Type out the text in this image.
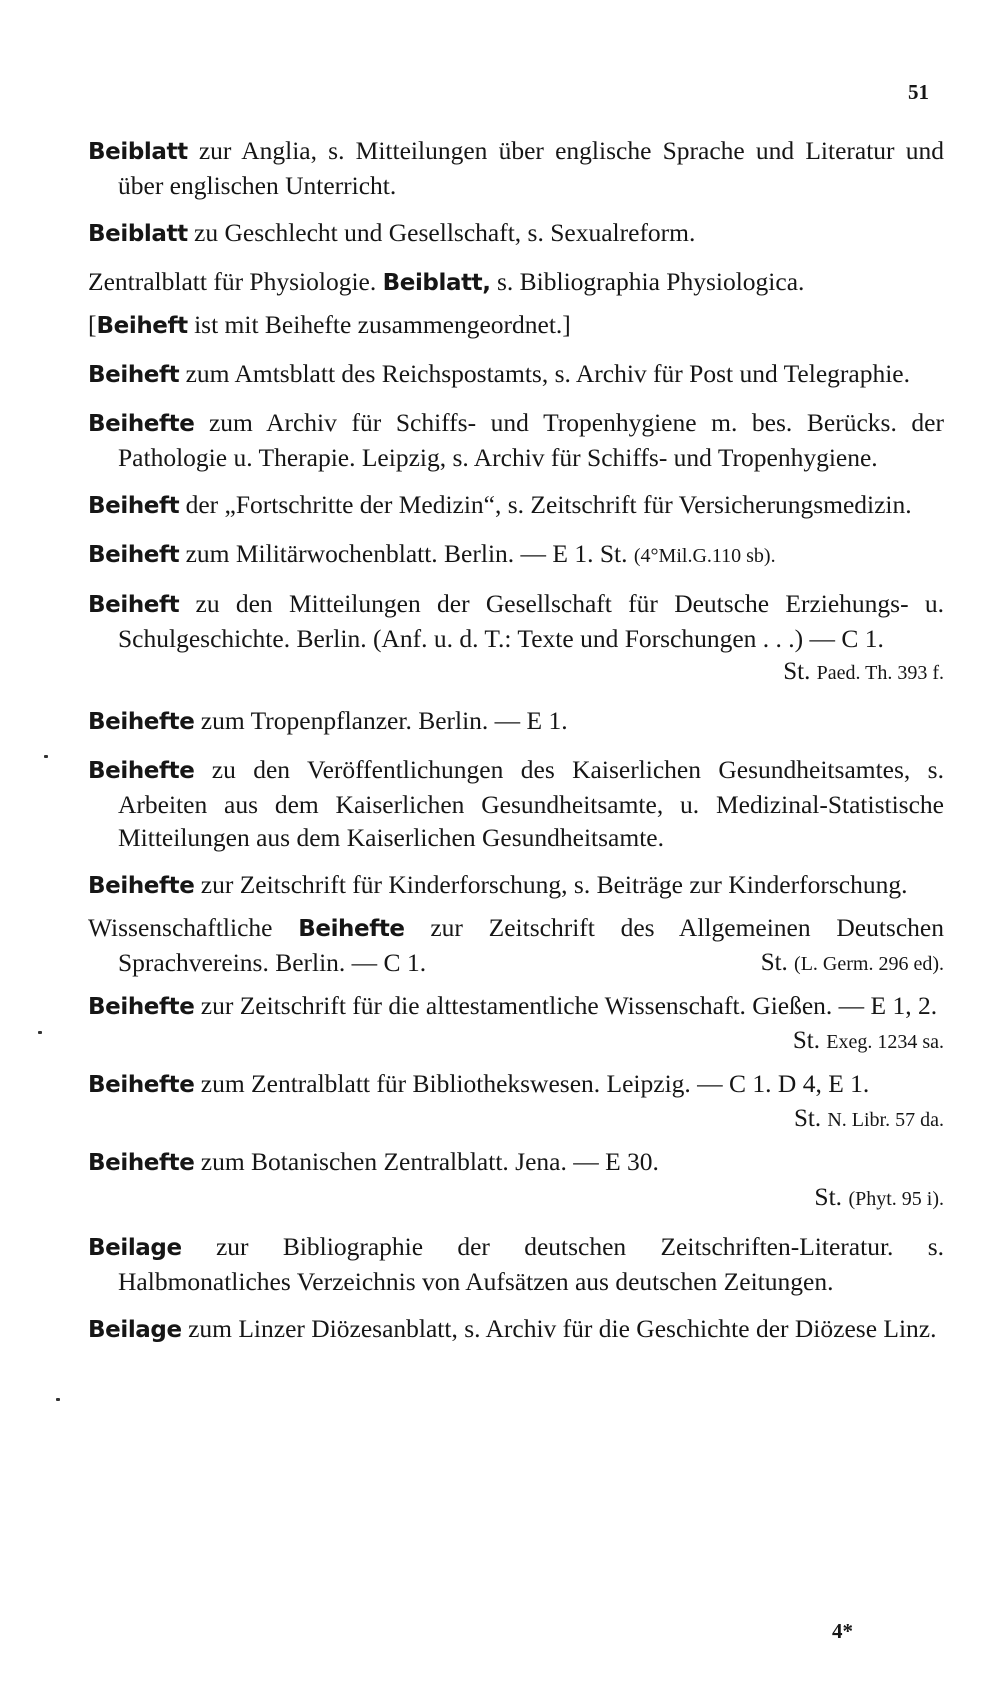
51
Beiblatt zur Anglia, s. Mitteilungen über englische Sprache und Literatur und über englischen Unterricht.
Beiblatt zu Geschlecht und Gesellschaft, s. Sexualreform.
Zentralblatt für Physiologie. Beiblatt, s. Bibliographia Physiologica.
[Beiheft ist mit Beihefte zusammengeordnet.]
Beiheft zum Amtsblatt des Reichspostamts, s. Archiv für Post und Telegraphie.
Beihefte zum Archiv für Schiffs- und Tropenhygiene m. bes. Berücks. der Pathologie u. Therapie. Leipzig, s. Archiv für Schiffs- und Tropenhygiene.
Beiheft der „Fortschritte der Medizin“, s. Zeitschrift für Versicherungsmedizin.
Beiheft zum Militärwochenblatt. Berlin. — E 1. St. (4°Mil.G.110 sb).
Beiheft zu den Mitteilungen der Gesellschaft für Deutsche Erziehungs- u. Schulgeschichte. Berlin. (Anf. u. d. T.: Texte und Forschungen . . .) — C 1.
St. Paed. Th. 393 f.
Beihefte zum Tropenpflanzer. Berlin. — E 1.
Beihefte zu den Veröffentlichungen des Kaiserlichen Gesundheitsamtes, s. Arbeiten aus dem Kaiserlichen Gesundheitsamte, u. Medizinal-Statistische Mitteilungen aus dem Kaiserlichen Gesundheitsamte.
Beihefte zur Zeitschrift für Kinderforschung, s. Beiträge zur Kinderforschung.
Wissenschaftliche Beihefte zur Zeitschrift des Allgemeinen Deutschen Sprachvereins. Berlin. — C 1.	St. (L. Germ. 296 ed).
Beihefte zur Zeitschrift für die alttestamentliche Wissenschaft. Gießen. — E 1, 2.
St. Exeg. 1234 sa.
Beihefte zum Zentralblatt für Bibliothekswesen. Leipzig. — C 1. D 4, E 1.
St. N. Libr. 57 da.
Beihefte zum Botanischen Zentralblatt. Jena. — E 30.
St. (Phyt. 95 i).
Beilage zur Bibliographie der deutschen Zeitschriften-Literatur. s. Halbmonatliches Verzeichnis von Aufsätzen aus deutschen Zeitungen.
Beilage zum Linzer Diözesanblatt, s. Archiv für die Geschichte der Diözese Linz.
4*
